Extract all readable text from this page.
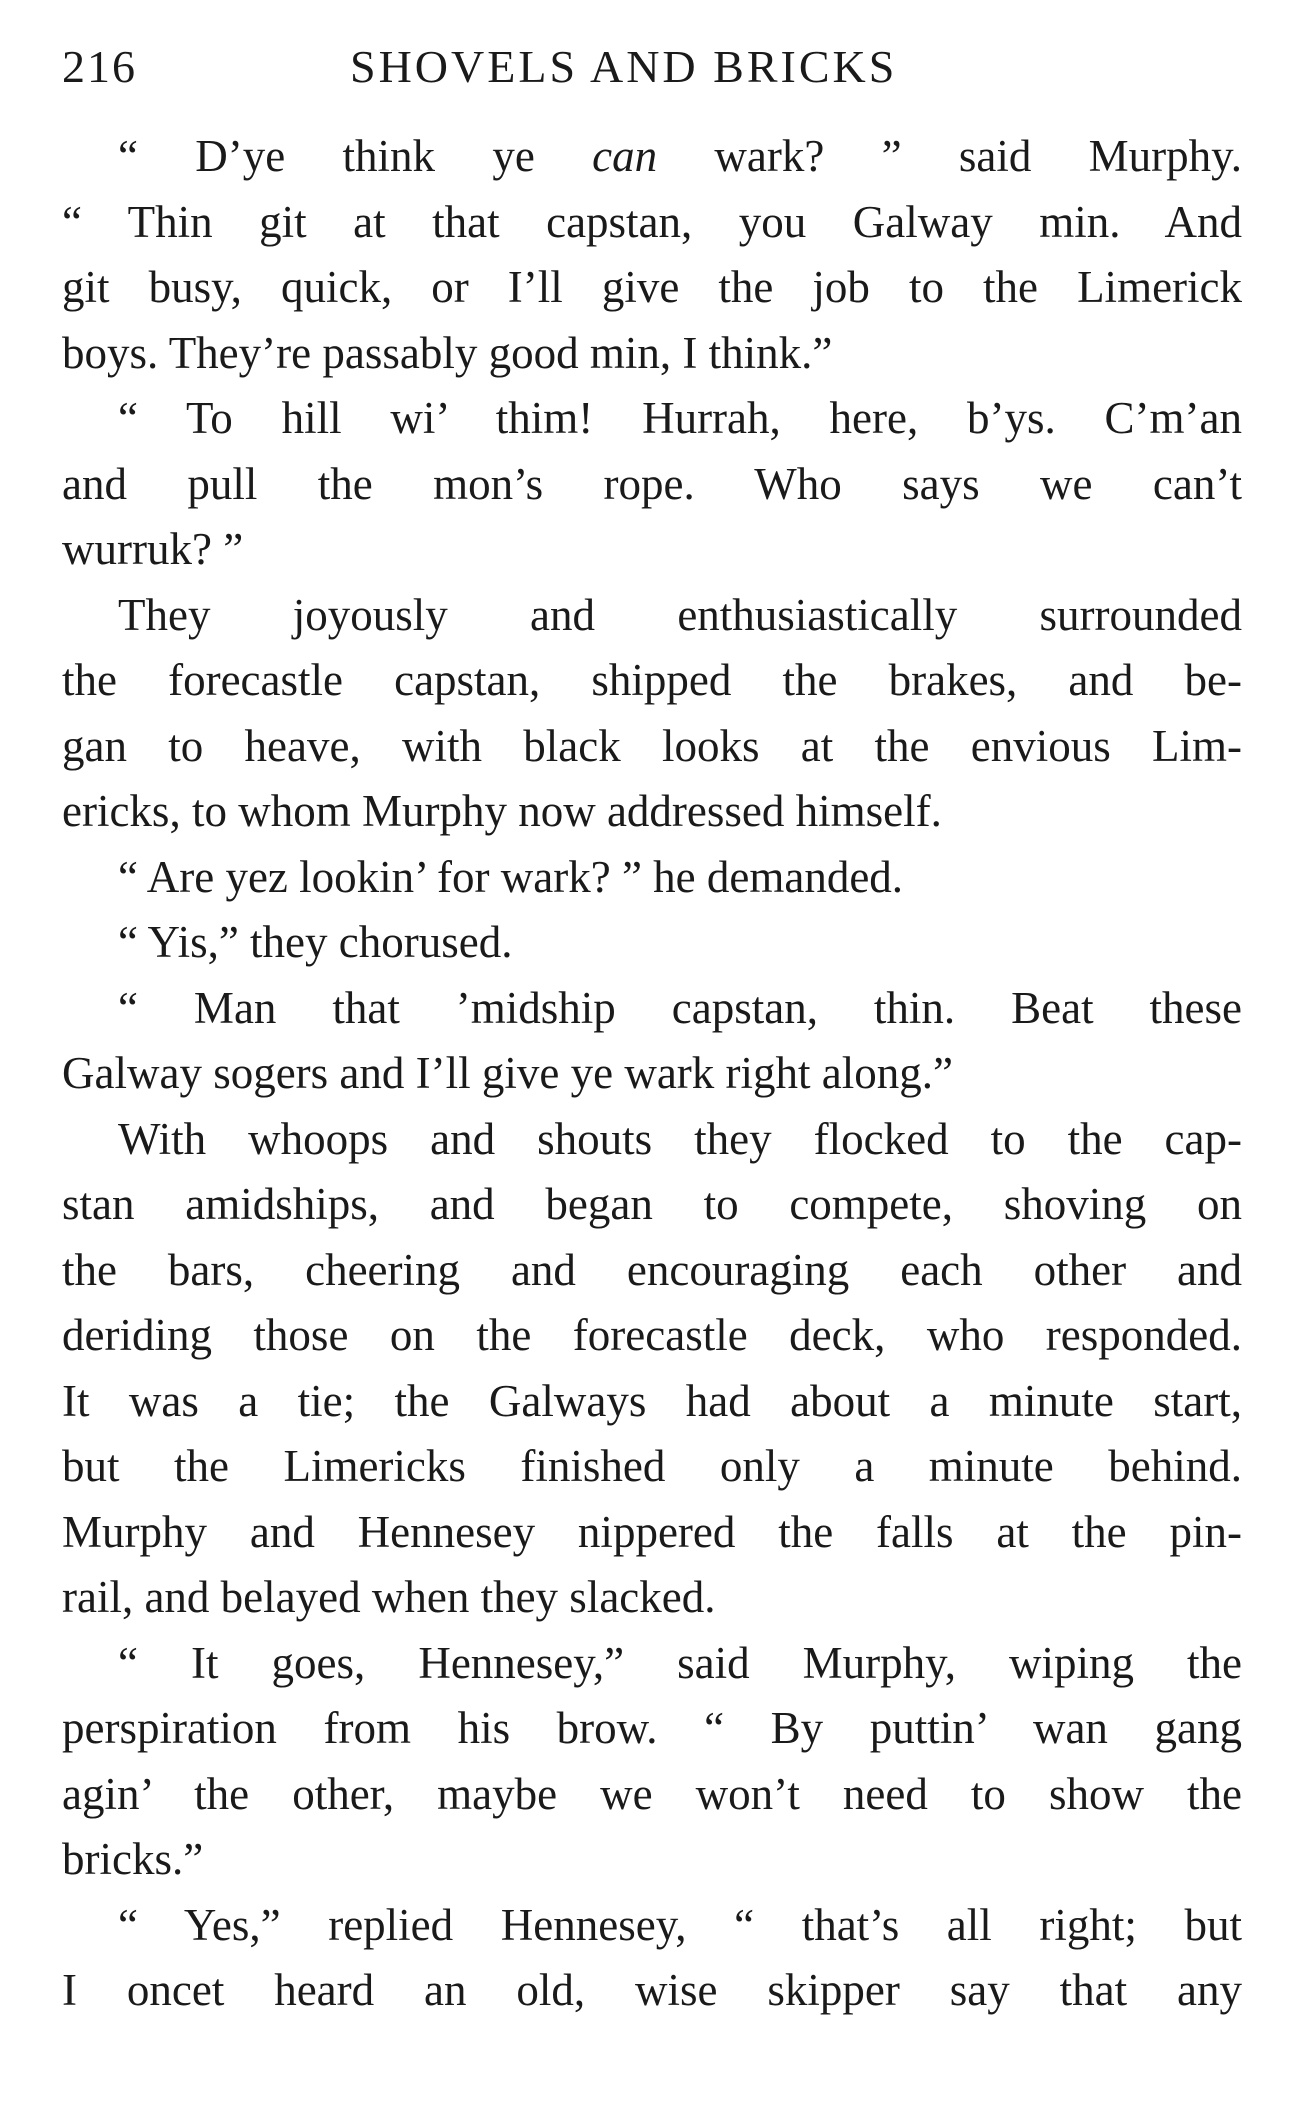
216	SHOVELS AND BRICKS
“ D’ye think ye can wark? ” said Murphy.
“ Thin git at that capstan, you Galway min. And
git busy, quick, or I’ll give the job to the Limerick
boys. They’re passably good min, I think.”
“ To hill wi’ thim! Hurrah, here, b’ys. C’m’an
and pull the mon’s rope. Who says we can’t
wurruk? ”
They joyously and enthusiastically surrounded
the forecastle capstan, shipped the brakes, and be-
gan to heave, with black looks at the envious Lim-
ericks, to whom Murphy now addressed himself.
“ Are yez lookin’ for wark? ” he demanded.
“ Yis,” they chorused.
“ Man that ’midship capstan, thin. Beat these
Galway sogers and I’ll give ye wark right along.”
With whoops and shouts they flocked to the cap-
stan amidships, and began to compete, shoving on
the bars, cheering and encouraging each other and
deriding those on the forecastle deck, who responded.
It was a tie; the Galways had about a minute start,
but the Limericks finished only a minute behind.
Murphy and Hennesey nippered the falls at the pin-
rail, and belayed when they slacked.
“ It goes, Hennesey,” said Murphy, wiping the
perspiration from his brow. “ By puttin’ wan gang
agin’ the other, maybe we won’t need to show the
bricks.”
“ Yes,” replied Hennesey, “ that’s all right; but
I oncet heard an old, wise skipper say that any
